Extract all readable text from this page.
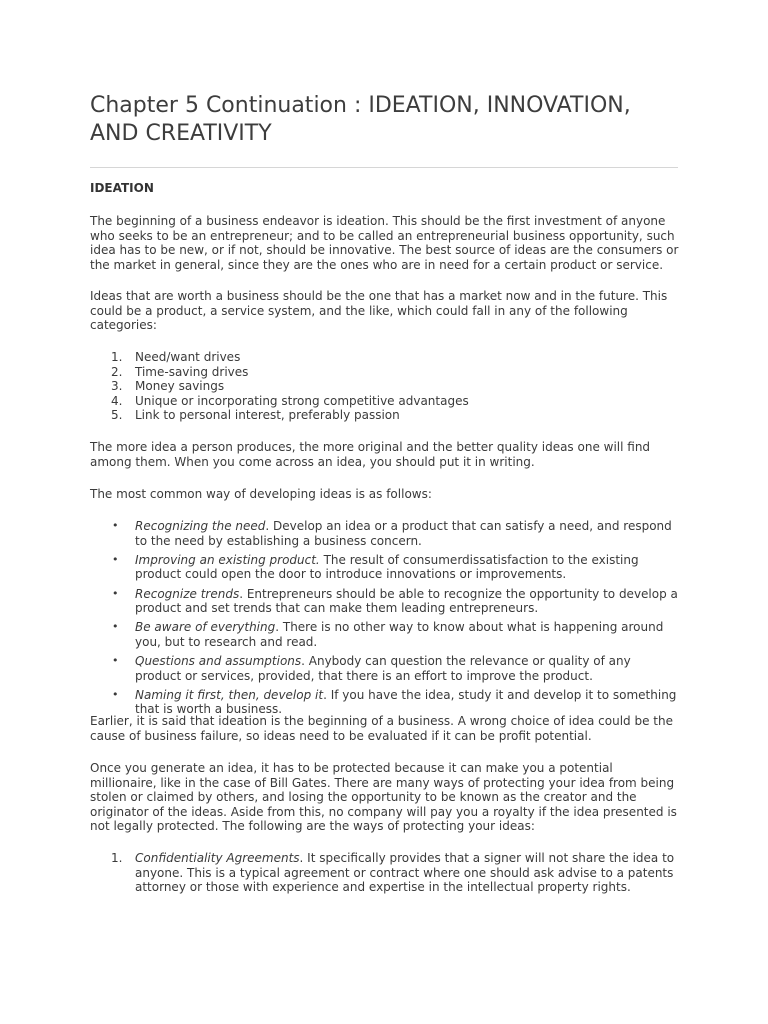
Chapter 5 Continuation : IDEATION, INNOVATION, AND CREATIVITY
IDEATION

The beginning of a business endeavor is ideation. This should be the first investment of anyone who seeks to be an entrepreneur; and to be called an entrepreneurial business opportunity, such idea has to be new, or if not, should be innovative. The best source of ideas are the consumers or the market in general, since they are the ones who are in need for a certain product or service.

Ideas that are worth a business should be the one that has a market now and in the future. This could be a product, a service system, and the like, which could fall in any of the following categories:

1. Need/want drives
2. Time-saving drives
3. Money savings
4. Unique or incorporating strong competitive advantages
5. Link to personal interest, preferably passion

The more idea a person produces, the more original and the better quality ideas one will find among them. When you come across an idea, you should put it in writing.

The most common way of developing ideas is as follows:

• Recognizing the need. Develop an idea or a product that can satisfy a need, and respond to the need by establishing a business concern.
• Improving an existing product. The result of consumerdissatisfaction to the existing product could open the door to introduce innovations or improvements.
• Recognize trends. Entrepreneurs should be able to recognize the opportunity to develop a product and set trends that can make them leading entrepreneurs.
• Be aware of everything. There is no other way to know about what is happening around you, but to research and read.
• Questions and assumptions. Anybody can question the relevance or quality of any product or services, provided, that there is an effort to improve the product.
• Naming it first, then, develop it. If you have the idea, study it and develop it to something that is worth a business.

Earlier, it is said that ideation is the beginning of a business. A wrong choice of idea could be the cause of business failure, so ideas need to be evaluated if it can be profit potential.

Once you generate an idea, it has to be protected because it can make you a potential millionaire, like in the case of Bill Gates. There are many ways of protecting your idea from being stolen or claimed by others, and losing the opportunity to be known as the creator and the originator of the ideas. Aside from this, no company will pay you a royalty if the idea presented is not legally protected. The following are the ways of protecting your ideas:

1. Confidentiality Agreements. It specifically provides that a signer will not share the idea to anyone. This is a typical agreement or contract where one should ask advise to a patents attorney or those with experience and expertise in the intellectual property rights.
